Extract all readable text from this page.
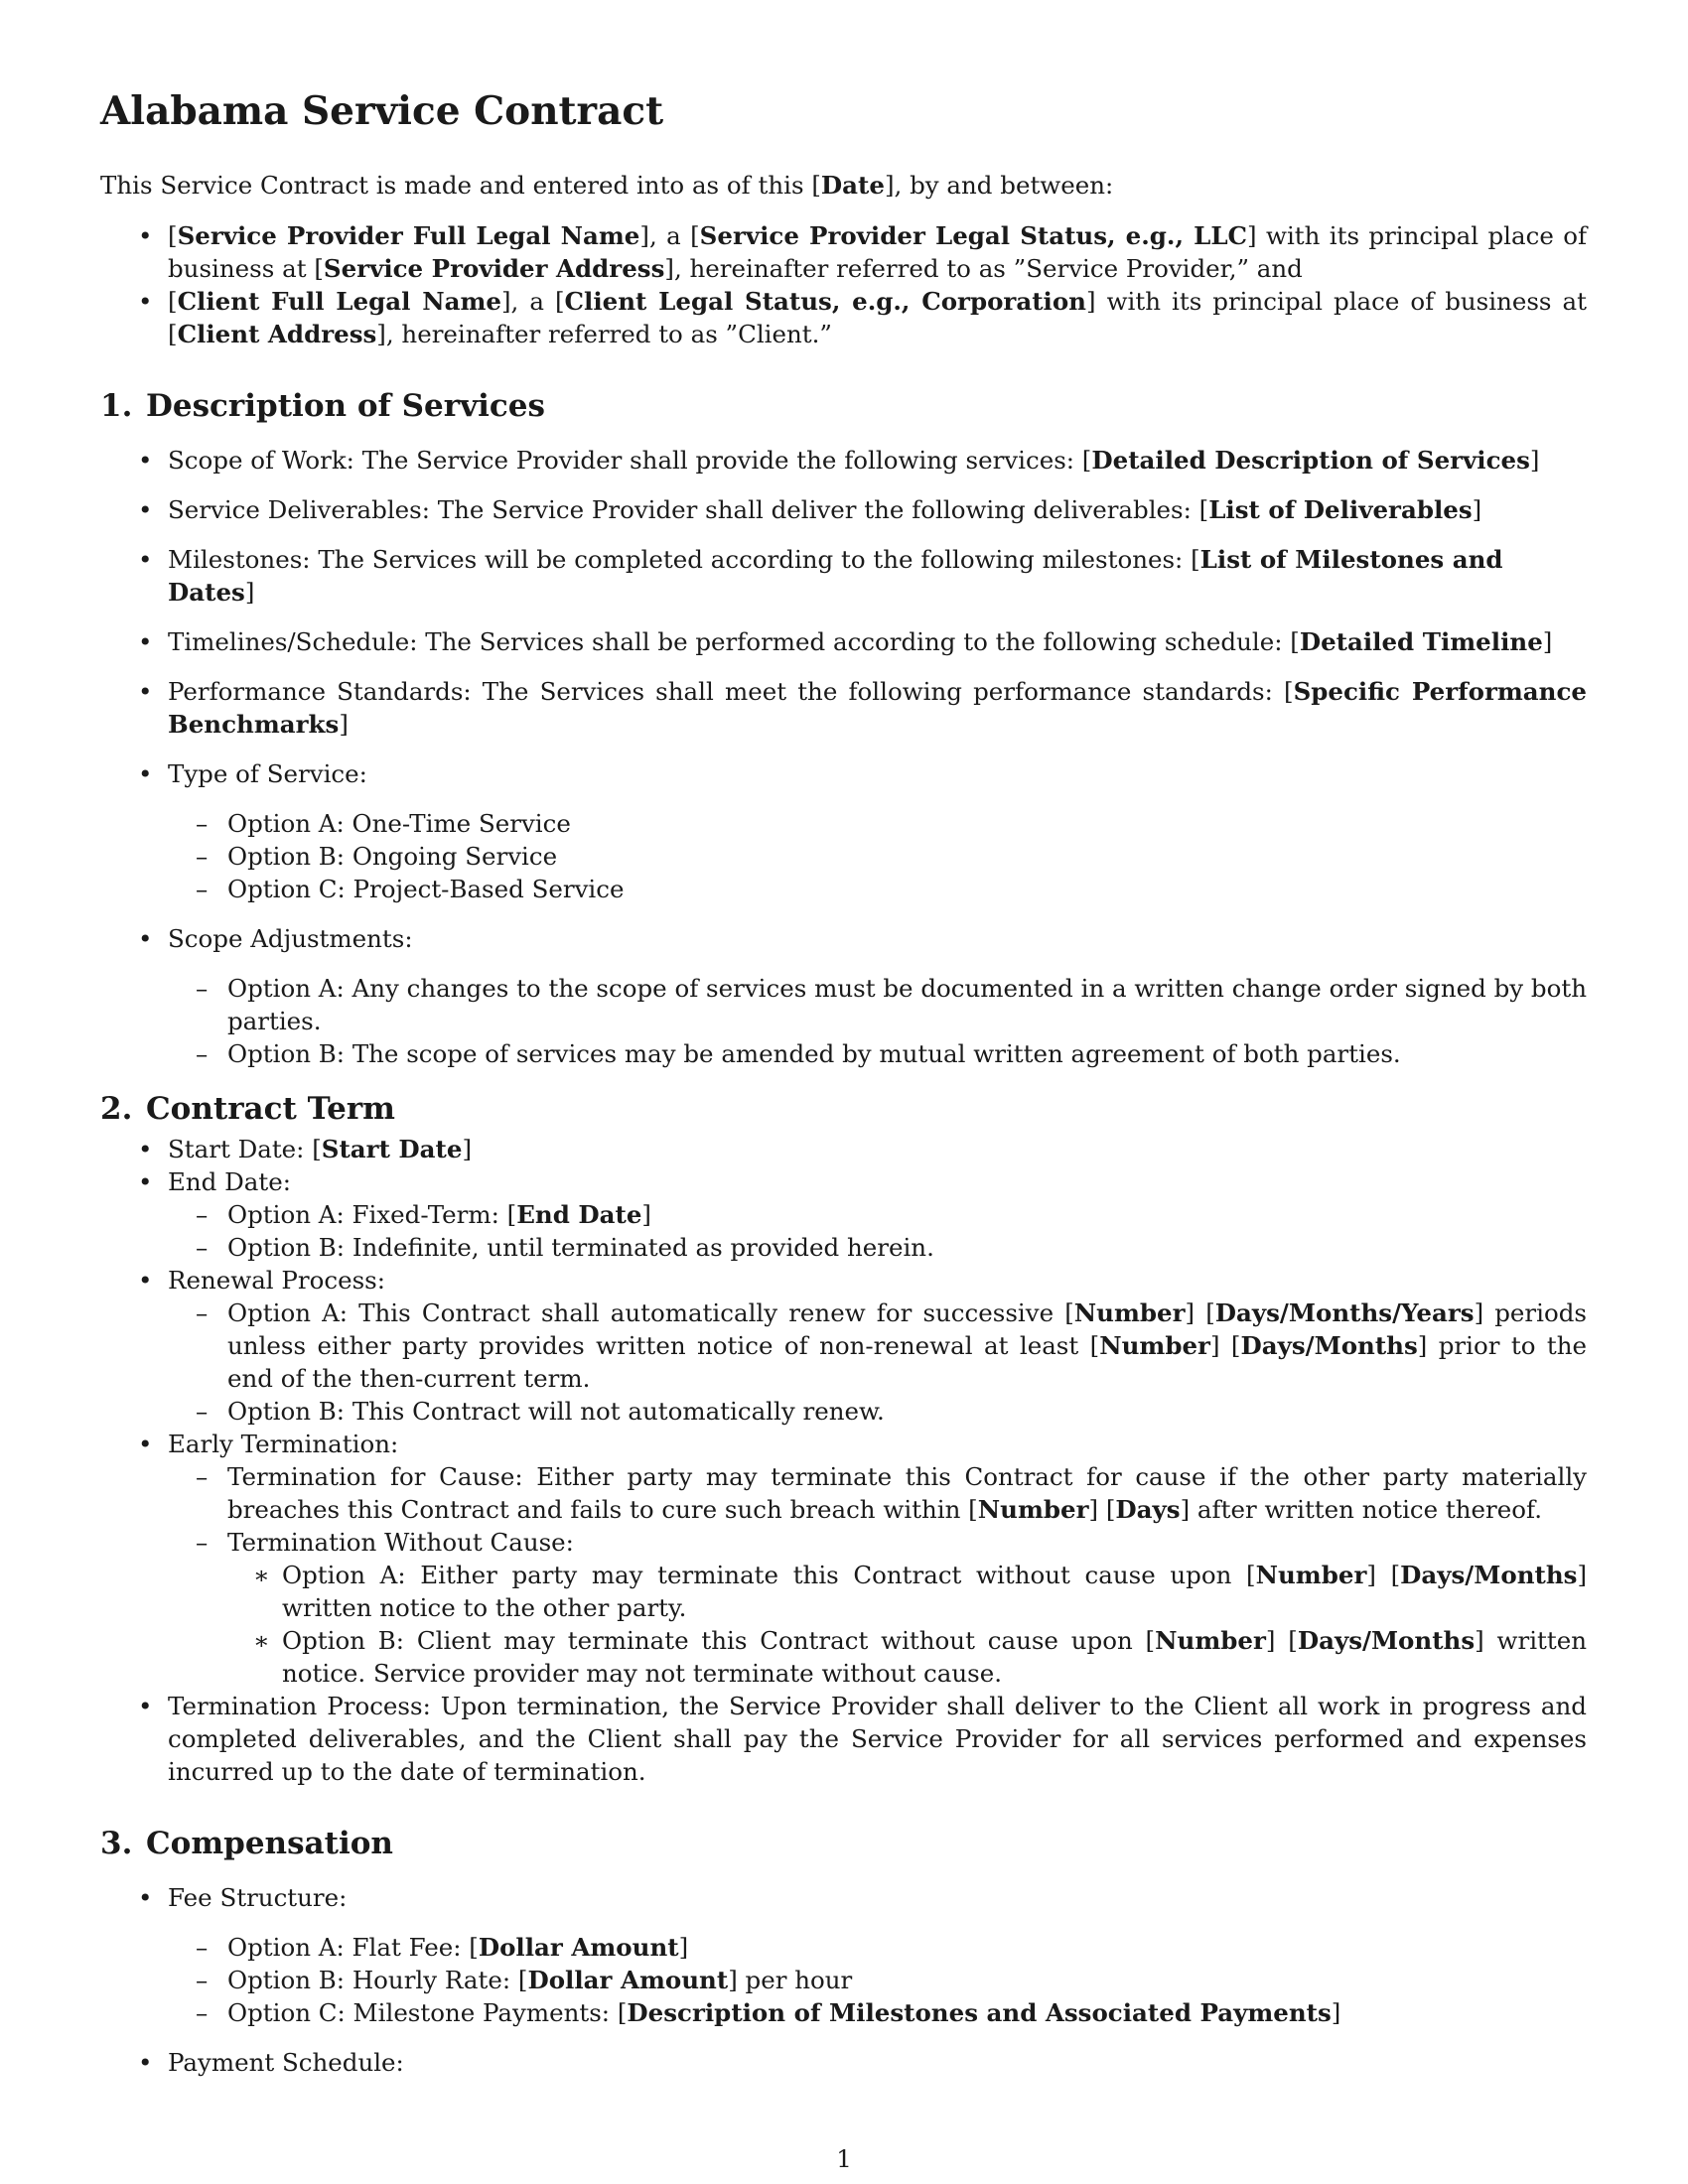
Alabama Service Contract

This Service Contract is made and entered into as of this [Date], by and between:

• [Service Provider Full Legal Name], a [Service Provider Legal Status, e.g., LLC] with its principal place of business at [Service Provider Address], hereinafter referred to as ”Service Provider,” and
• [Client Full Legal Name], a [Client Legal Status, e.g., Corporation] with its principal place of business at [Client Address], hereinafter referred to as ”Client.”
1. Description of Services
• Scope of Work: The Service Provider shall provide the following services: [Detailed Description of Services]
• Service Deliverables: The Service Provider shall deliver the following deliverables: [List of Deliverables]
• Milestones: The Services will be completed according to the following milestones: [List of Milestones and Dates]
• Timelines/Schedule: The Services shall be performed according to the following schedule: [Detailed Timeline]
• Performance Standards: The Services shall meet the following performance standards: [Specific Performance Benchmarks]
• Type of Service:
– Option A: One-Time Service
– Option B: Ongoing Service
– Option C: Project-Based Service
• Scope Adjustments:
– Option A: Any changes to the scope of services must be documented in a written change order signed by both parties.
– Option B: The scope of services may be amended by mutual written agreement of both parties.
2. Contract Term
• Start Date: [Start Date]
• End Date:
– Option A: Fixed-Term: [End Date]
– Option B: Indefinite, until terminated as provided herein.
• Renewal Process:
– Option A: This Contract shall automatically renew for successive [Number] [Days/Months/Years] periods unless either party provides written notice of non-renewal at least [Number] [Days/Months] prior to the end of the then-current term.
– Option B: This Contract will not automatically renew.
• Early Termination:
– Termination for Cause: Either party may terminate this Contract for cause if the other party materially breaches this Contract and fails to cure such breach within [Number] [Days] after written notice thereof.
– Termination Without Cause:
∗ Option A: Either party may terminate this Contract without cause upon [Number] [Days/Months] written notice to the other party.
∗ Option B: Client may terminate this Contract without cause upon [Number] [Days/Months] written notice. Service provider may not terminate without cause.
• Termination Process: Upon termination, the Service Provider shall deliver to the Client all work in progress and completed deliverables, and the Client shall pay the Service Provider for all services performed and expenses incurred up to the date of termination.
3. Compensation
• Fee Structure:
– Option A: Flat Fee: [Dollar Amount]
– Option B: Hourly Rate: [Dollar Amount] per hour
– Option C: Milestone Payments: [Description of Milestones and Associated Payments]
• Payment Schedule:
1
